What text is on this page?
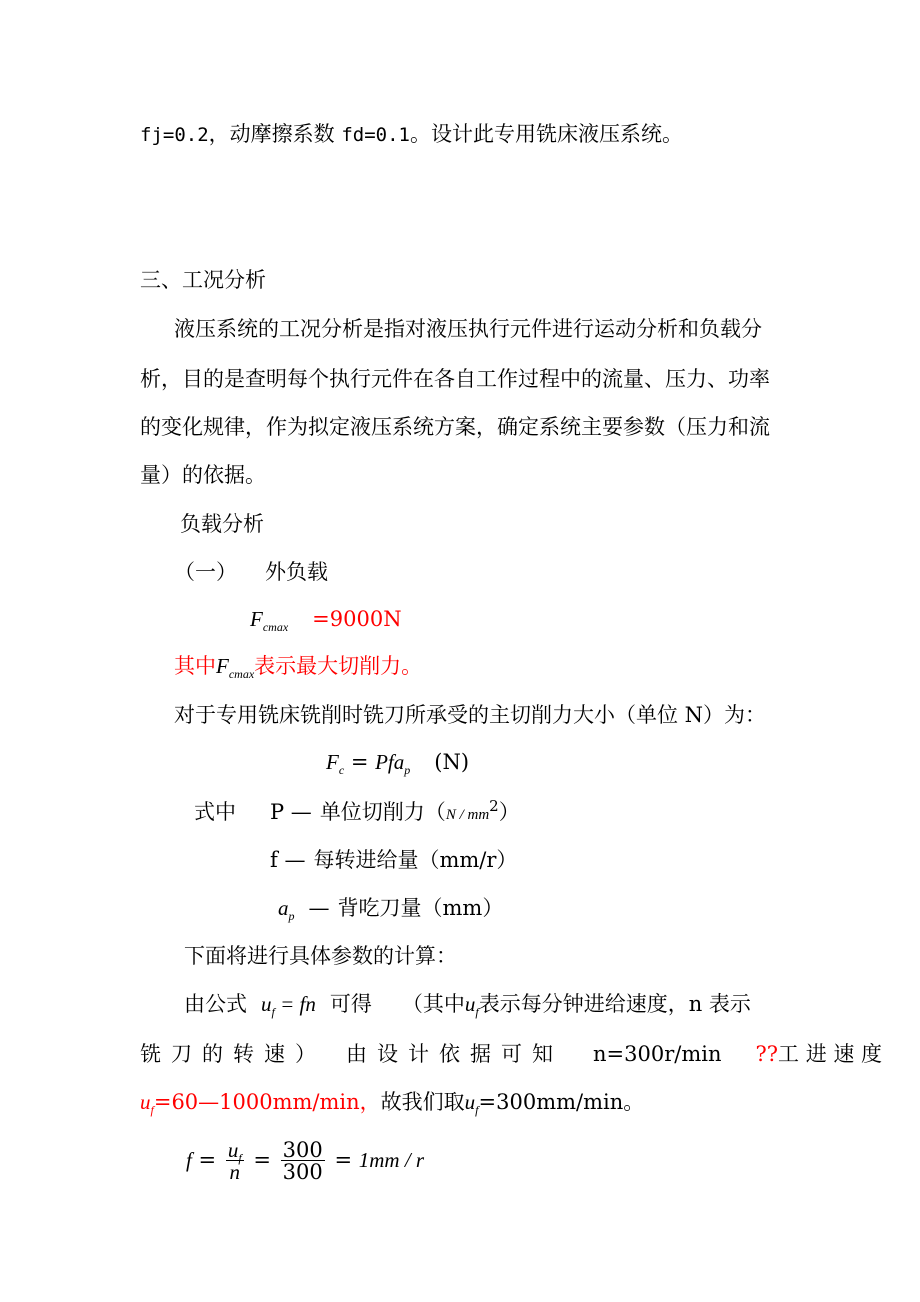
fj=0.2，动摩擦系数 fd=0.1。设计此专用铣床液压系统。
三、工况分析
液压系统的工况分析是指对液压执行元件进行运动分析和负载分
析，目的是查明每个执行元件在各自工作过程中的流量、压力、功率
的变化规律，作为拟定液压系统方案，确定系统主要参数（压力和流
量）的依据。
负载分析
（一） 外负载
$F_{cmax} =9000N$
其中$F_{cmax}$表示最大切削力。
对于专用铣床铣削时铣刀所承受的主切削力大小（单位 N）为：
$F_c = Pfa_p$ (N)
式中 P — 单位切削力$(N / mm^2)$
f — 每转进给量（mm/r）
$a_p$ — 背吃刀量（mm）
下面将进行具体参数的计算：
由公式 $u_f$ = fn 可得 （其中$u_f$表示每分钟进给速度，n 表示
铣 刀 的 转 速 ） 由 设 计 依 据 可 知 n=300r/min ??工 进 速 度
$u_f=60—1000mm/\min$，故我们取$u_f=300mm/\min$。
$f = \frac{u_f}{n} = \frac{300}{300} = 1mm / r$
